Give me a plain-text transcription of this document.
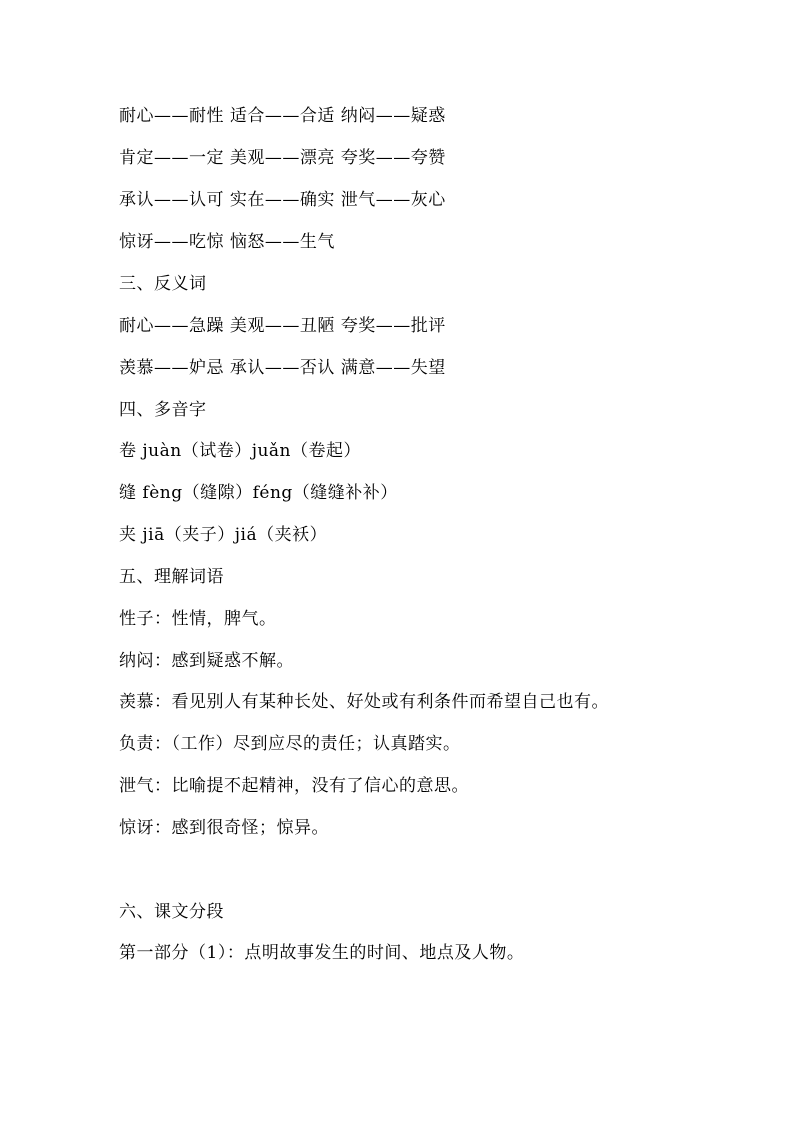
耐心——耐性 适合——合适 纳闷——疑惑
肯定——一定 美观——漂亮 夸奖——夸赞
承认——认可 实在——确实 泄气——灰心
惊讶——吃惊 恼怒——生气
三、反义词
耐心——急躁 美观——丑陋 夸奖——批评
羡慕——妒忌 承认——否认 满意——失望
四、多音字
卷 juàn（试卷）juǎn（卷起）
缝 fèng（缝隙）féng（缝缝补补）
夹 jiā（夹子）jiá（夹袄）
五、理解词语
性子：性情，脾气。
纳闷：感到疑惑不解。
羡慕：看见别人有某种长处、好处或有利条件而希望自己也有。
负责：（工作）尽到应尽的责任；认真踏实。
泄气：比喻提不起精神，没有了信心的意思。
惊讶：感到很奇怪；惊异。
六、课文分段
第一部分（1）：点明故事发生的时间、地点及人物。
